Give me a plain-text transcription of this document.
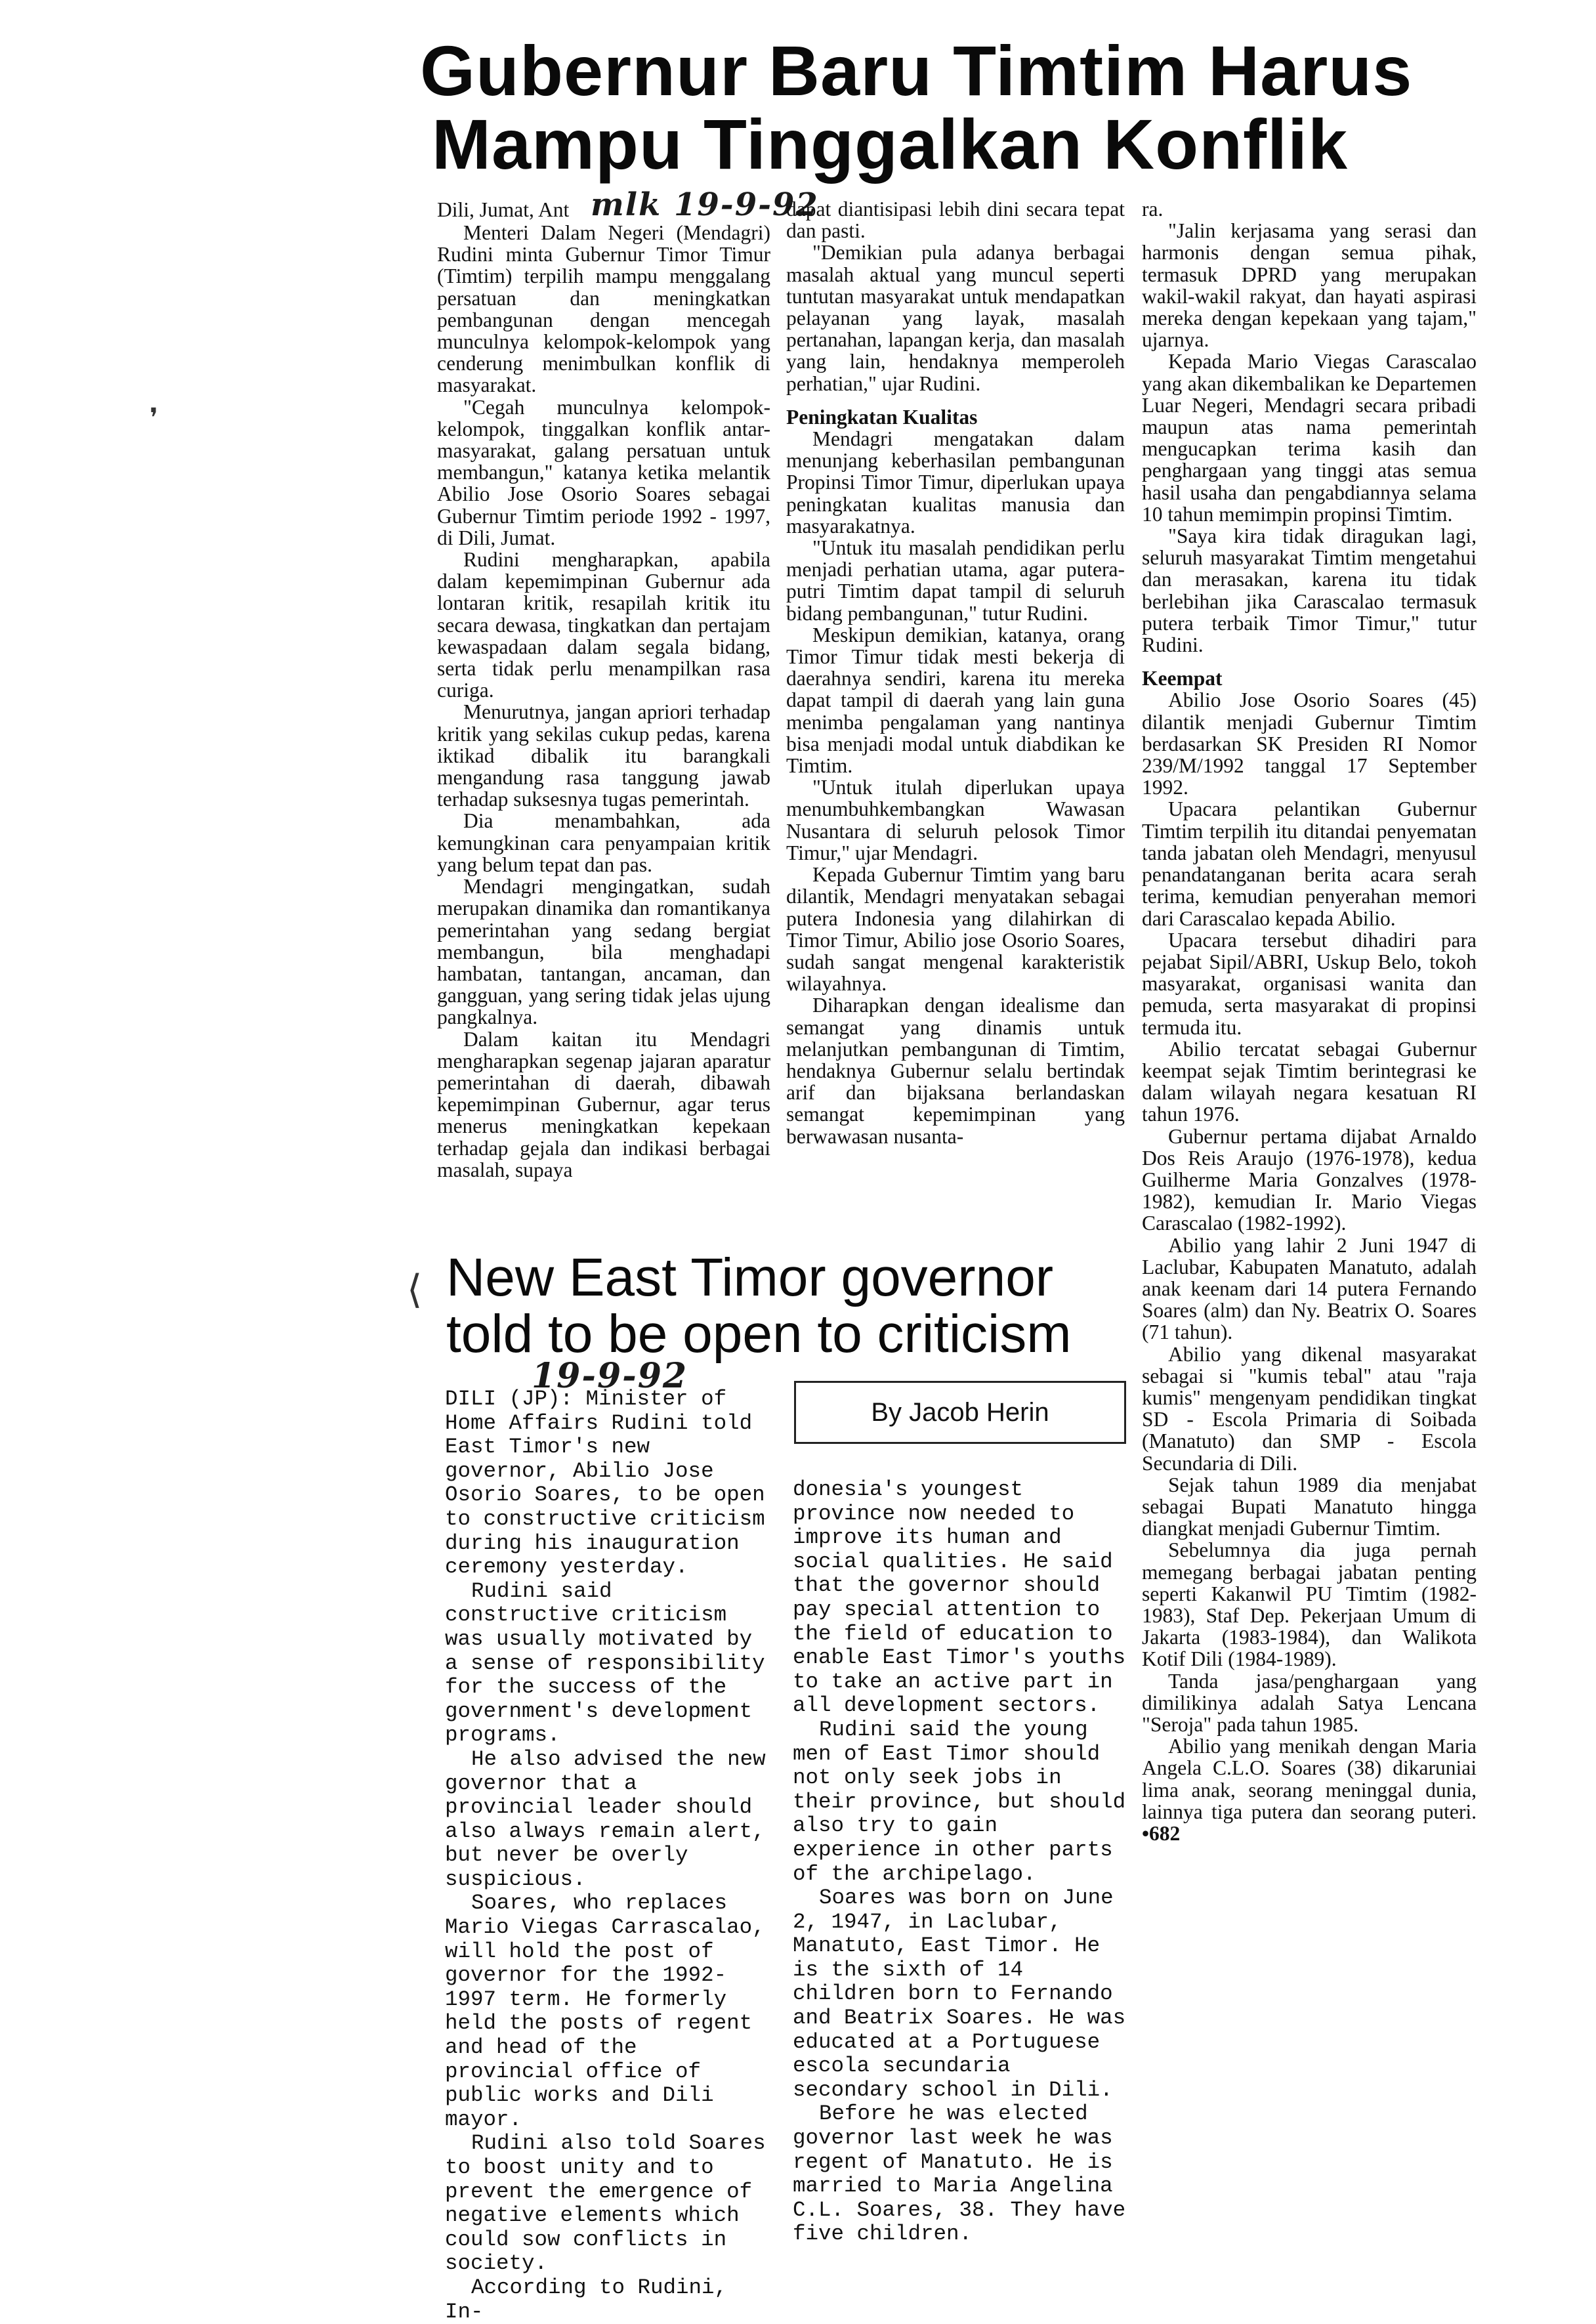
Gubernur Baru Timtim Harus
Mampu Tinggalkan Konflik
Dili, Jumat, Ant mlk 19-9-92

Menteri Dalam Negeri (Mendagri) Rudini minta Gubernur Timor Timur (Timtim) terpilih mampu menggalang persatuan dan meningkatkan pembangunan dengan mencegah munculnya kelompok-kelompok yang cenderung menimbulkan konflik di masyarakat.

"Cegah munculnya kelompok-kelompok, tinggalkan konflik antar-masyarakat, galang persatuan untuk membangun," katanya ketika melantik Abilio Jose Osorio Soares sebagai Gubernur Timtim periode 1992 - 1997, di Dili, Jumat.

Rudini mengharapkan, apabila dalam kepemimpinan Gubernur ada lontaran kritik, resapilah kritik itu secara dewasa, tingkatkan dan pertajam kewaspadaan dalam segala bidang, serta tidak perlu menampilkan rasa curiga.

Menurutnya, jangan apriori terhadap kritik yang sekilas cukup pedas, karena iktikad dibalik itu barangkali mengandung rasa tanggung jawab terhadap suksesnya tugas pemerintah.

Dia menambahkan, ada kemungkinan cara penyampaian kritik yang belum tepat dan pas.

Mendagri mengingatkan, sudah merupakan dinamika dan romantikanya pemerintahan yang sedang bergiat membangun, bila menghadapi hambatan, tantangan, ancaman, dan gangguan, yang sering tidak jelas ujung pangkalnya.

Dalam kaitan itu Mendagri mengharapkan segenap jajaran aparatur pemerintahan di daerah, dibawah kepemimpinan Gubernur, agar terus menerus meningkatkan kepekaan terhadap gejala dan indikasi berbagai masalah, supaya

dapat diantisipasi lebih dini secara tepat dan pasti.

"Demikian pula adanya berbagai masalah aktual yang muncul seperti tuntutan masyarakat untuk mendapatkan pelayanan yang layak, masalah pertanahan, lapangan kerja, dan masalah yang lain, hendaknya memperoleh perhatian," ujar Rudini.

Peningkatan Kualitas

Mendagri mengatakan dalam menunjang keberhasilan pembangunan Propinsi Timor Timur, diperlukan upaya peningkatan kualitas manusia dan masyarakatnya.

"Untuk itu masalah pendidikan perlu menjadi perhatian utama, agar putera-putri Timtim dapat tampil di seluruh bidang pembangunan," tutur Rudini.

Meskipun demikian, katanya, orang Timor Timur tidak mesti bekerja di daerahnya sendiri, karena itu mereka dapat tampil di daerah yang lain guna menimba pengalaman yang nantinya bisa menjadi modal untuk diabdikan ke Timtim.

"Untuk itulah diperlukan upaya menumbuhkembangkan Wawasan Nusantara di seluruh pelosok Timor Timur," ujar Mendagri.

Kepada Gubernur Timtim yang baru dilantik, Mendagri menyatakan sebagai putera Indonesia yang dilahirkan di Timor Timur, Abilio jose Osorio Soares, sudah sangat mengenal karakteristik wilayahnya.

Diharapkan dengan idealisme dan semangat yang dinamis untuk melanjutkan pembangunan di Timtim, hendaknya Gubernur selalu bertindak arif dan bijaksana berlandaskan semangat kepemimpinan yang berwawasan nusanta-

ra.

"Jalin kerjasama yang serasi dan harmonis dengan semua pihak, termasuk DPRD yang merupakan wakil-wakil rakyat, dan hayati aspirasi mereka dengan kepekaan yang tajam," ujarnya.

Kepada Mario Viegas Carascalao yang akan dikembalikan ke Departemen Luar Negeri, Mendagri secara pribadi maupun atas nama pemerintah mengucapkan terima kasih dan penghargaan yang tinggi atas semua hasil usaha dan pengabdiannya selama 10 tahun memimpin propinsi Timtim.

"Saya kira tidak diragukan lagi, seluruh masyarakat Timtim mengetahui dan merasakan, karena itu tidak berlebihan jika Carascalao termasuk putera terbaik Timor Timur," tutur Rudini.

Keempat

Abilio Jose Osorio Soares (45) dilantik menjadi Gubernur Timtim berdasarkan SK Presiden RI Nomor 239/M/1992 tanggal 17 September 1992.

Upacara pelantikan Gubernur Timtim terpilih itu ditandai penyematan tanda jabatan oleh Mendagri, menyusul penandatanganan berita acara serah terima, kemudian penyerahan memori dari Carascalao kepada Abilio.

Upacara tersebut dihadiri para pejabat Sipil/ABRI, Uskup Belo, tokoh masyarakat, organisasi wanita dan pemuda, serta masyarakat di propinsi termuda itu.

Abilio tercatat sebagai Gubernur keempat sejak Timtim berintegrasi ke dalam wilayah negara kesatuan RI tahun 1976.

Gubernur pertama dijabat Arnaldo Dos Reis Araujo (1976-1978), kedua Guilherme Maria Gonzalves (1978-1982), kemudian Ir. Mario Viegas Carascalao (1982-1992).

Abilio yang lahir 2 Juni 1947 di Laclubar, Kabupaten Manatuto, adalah anak keenam dari 14 putera Fernando Soares (alm) dan Ny. Beatrix O. Soares (71 tahun).

Abilio yang dikenal masyarakat sebagai si "kumis tebal" atau "raja kumis" mengenyam pendidikan tingkat SD - Escola Primaria di Soibada (Manatuto) dan SMP - Escola Secundaria di Dili.

Sejak tahun 1989 dia menjabat sebagai Bupati Manatuto hingga diangkat menjadi Gubernur Timtim.

Sebelumnya dia juga pernah memegang berbagai jabatan penting seperti Kakanwil PU Timtim (1982-1983), Staf Dep. Pekerjaan Umum di Jakarta (1983-1984), dan Walikota Kotif Dili (1984-1989).

Tanda jasa/penghargaan yang dimilikinya adalah Satya Lencana "Seroja" pada tahun 1985.

Abilio yang menikah dengan Maria Angela C.L.O. Soares (38) dikaruniai lima anak, seorang meninggal dunia, lainnya tiga putera dan seorang puteri. •682

❜
⟨ New East Timor governor
told to be open to criticism
19-9-92
By Jacob Herin

DILI (JP): Minister of Home Affairs Rudini told East Timor's new governor, Abilio Jose Osorio Soares, to be open to constructive criticism during his inauguration ceremony yesterday.

Rudini said constructive criticism was usually motivated by a sense of responsibility for the success of the government's development programs.

He also advised the new governor that a provincial leader should also always remain alert, but never be overly suspicious.

Soares, who replaces Mario Viegas Carrascalao, will hold the post of governor for the 1992-1997 term. He formerly held the posts of regent and head of the provincial office of public works and Dili mayor.

Rudini also told Soares to boost unity and to prevent the emergence of negative elements which could sow conflicts in society.

According to Rudini, In-

donesia's youngest province now needed to improve its human and social qualities. He said that the governor should pay special attention to the field of education to enable East Timor's youths to take an active part in all development sectors.

Rudini said the young men of East Timor should not only seek jobs in their province, but should also try to gain experience in other parts of the archipelago.

Soares was born on June 2, 1947, in Laclubar, Manatuto, East Timor. He is the sixth of 14 children born to Fernando and Beatrix Soares. He was educated at a Portuguese escola secundaria secondary school in Dili.

Before he was elected governor last week he was regent of Manatuto. He is married to Maria Angelina C.L. Soares, 38. They have five children.
